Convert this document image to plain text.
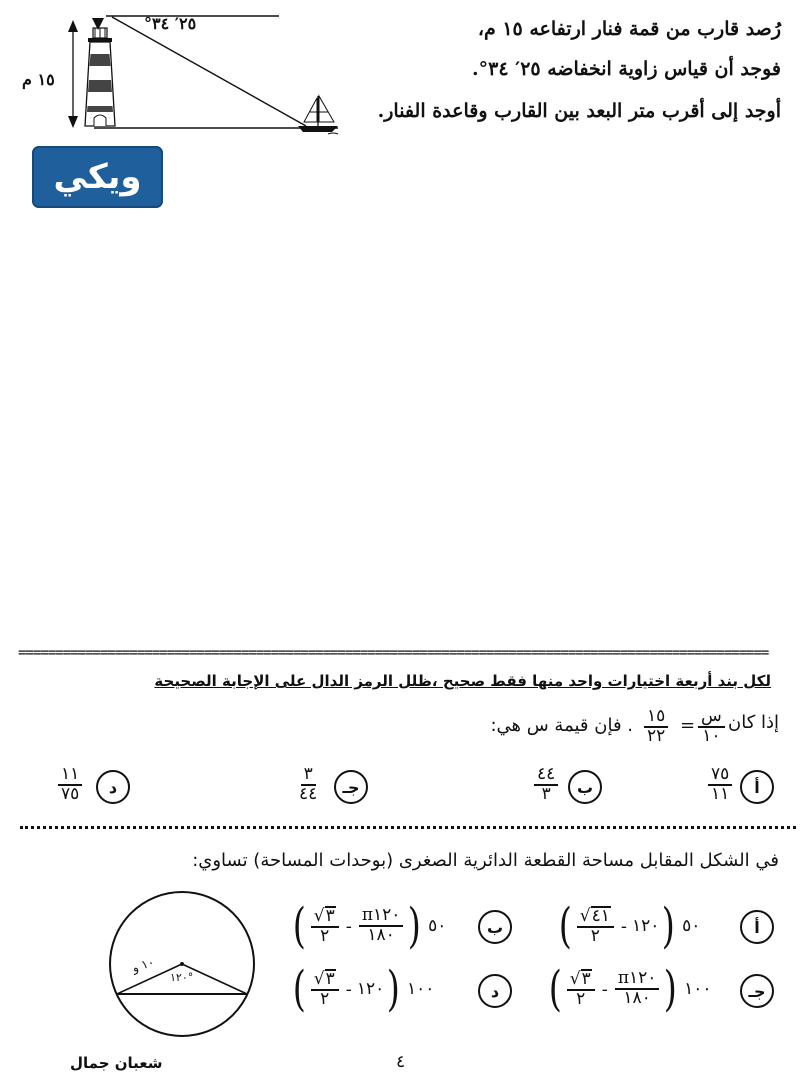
رُصد قارب من قمة فنار ارتفاعه ١٥ م،
فوجد أن قياس زاوية انخفاضه ٢٥′ ٣٤°.
أوجد إلى أقرب متر البعد بين القارب وقاعدة الفنار.
٢٥′ ٣٤°
١٥ م
ويكي
=====================================================================================================
لكل بند أربعة اختيارات واحد منها فقط صحيح ،ظلل الرمز الدال على الإجابة الصحيحة
إذا كان
س
١٠
=
١٥
٢٢
. فإن قيمة س هي:
أ
٧٥
١١
ب
٤٤
٣
جـ
٣
٤٤
د
١١
٧٥
في الشكل المقابل مساحة القطعة الدائرية الصغرى (بوحدات المساحة) تساوي:
١٠ و
°١٢٠
أ
( $\frac{√ ٤١}{٢}$ - ١٢٠ ) ٥٠
ب
( $\frac{√ ٣}{٢} - \frac{\pi ١٢٠}{١٨٠}$ ) ٥٠
جـ
( $\frac{√ ٣}{٢} - \frac{\pi ١٢٠}{١٨٠}$ ) ١٠٠
د
( $\frac{√ ٣}{٢}$ - ١٢٠ ) ١٠٠
شعبان جمال	٤
